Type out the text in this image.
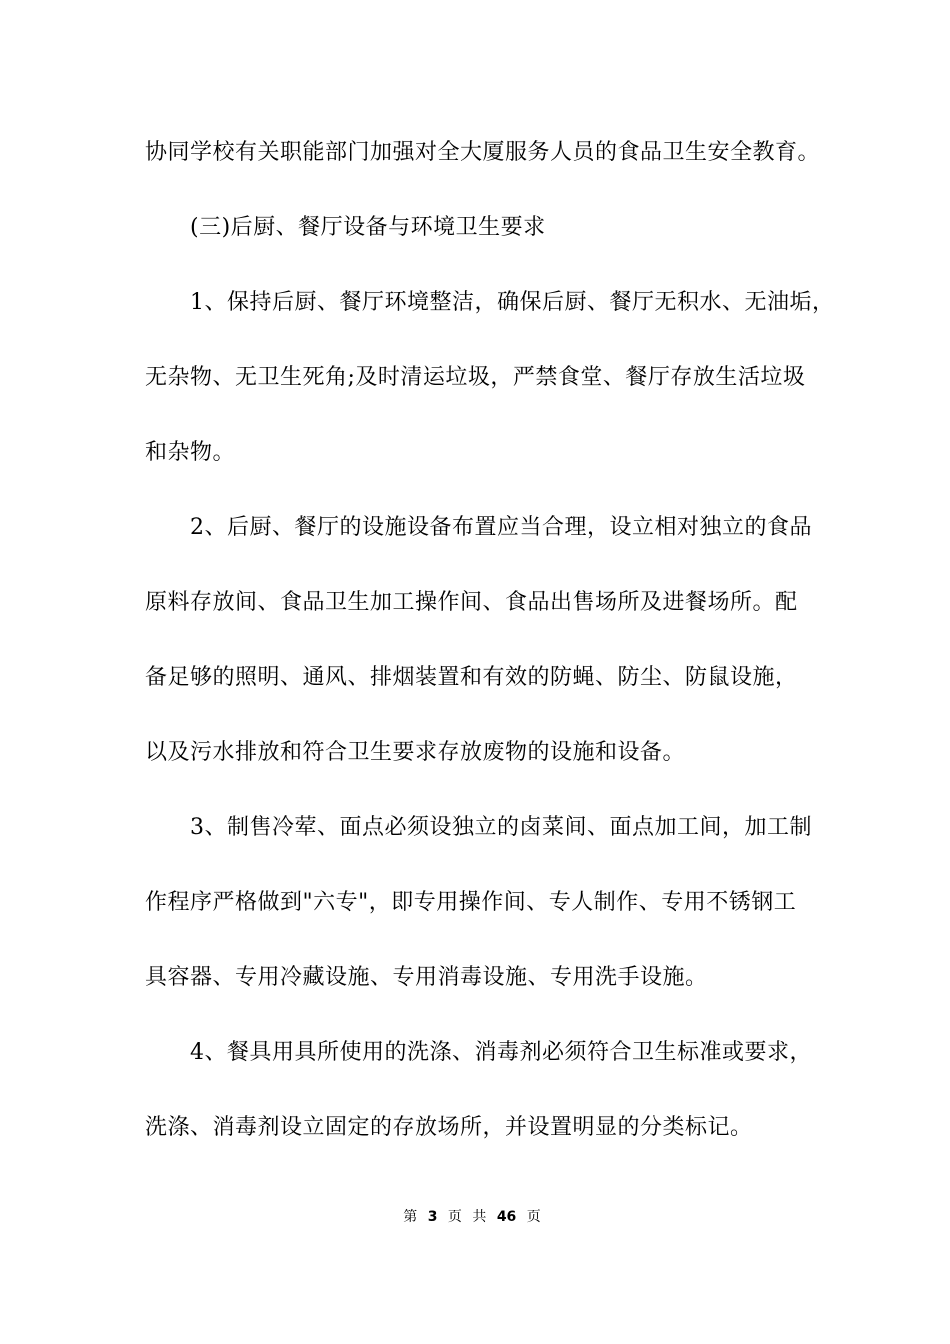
协同学校有关职能部门加强对全大厦服务人员的食品卫生安全教育。
(三)后厨、餐厅设备与环境卫生要求
1、保持后厨、餐厅环境整洁，确保后厨、餐厅无积水、无油垢，
无杂物、无卫生死角;及时清运垃圾，严禁食堂、餐厅存放生活垃圾
和杂物。
2、后厨、餐厅的设施设备布置应当合理，设立相对独立的食品
原料存放间、食品卫生加工操作间、食品出售场所及进餐场所。配
备足够的照明、通风、排烟装置和有效的防蝇、防尘、防鼠设施，
以及污水排放和符合卫生要求存放废物的设施和设备。
3、制售冷荤、面点必须设独立的卤菜间、面点加工间，加工制
作程序严格做到"六专"，即专用操作间、专人制作、专用不锈钢工
具容器、专用冷藏设施、专用消毒设施、专用洗手设施。
4、餐具用具所使用的洗涤、消毒剂必须符合卫生标准或要求，
洗涤、消毒剂设立固定的存放场所，并设置明显的分类标记。
第 3 页 共 46 页
